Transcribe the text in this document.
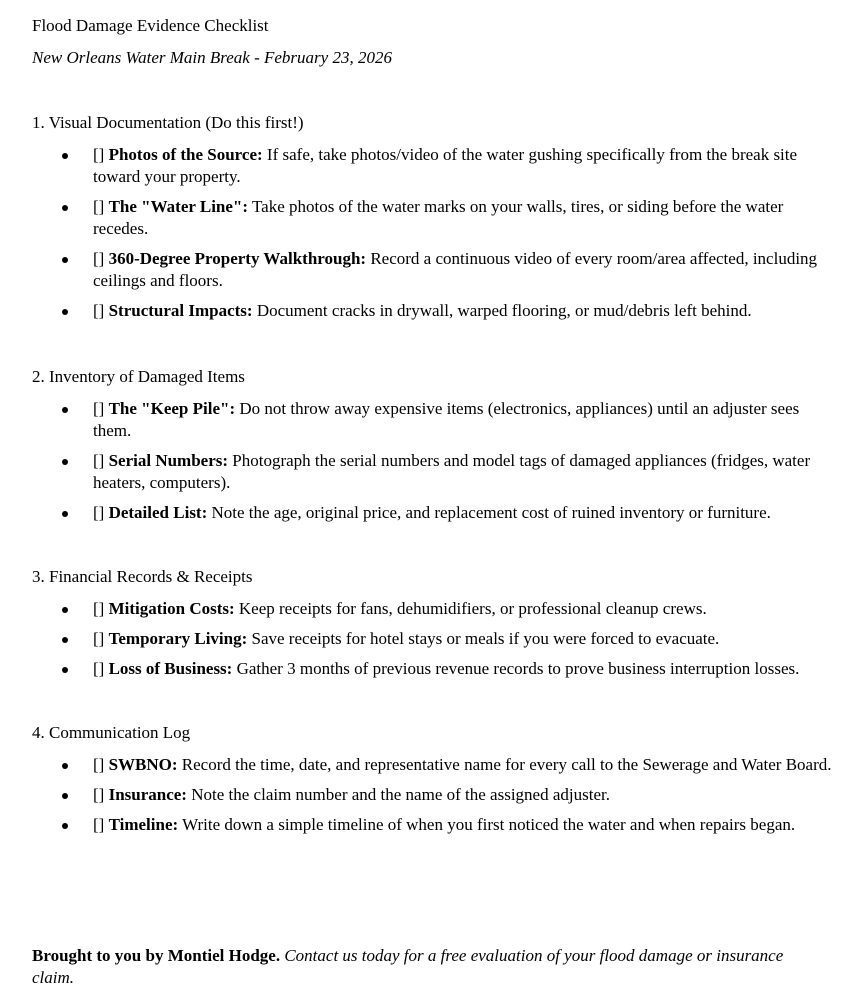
Flood Damage Evidence Checklist

New Orleans Water Main Break - February 23, 2026

1. Visual Documentation (Do this first!)

[] Photos of the Source: If safe, take photos/video of the water gushing specifically from the break site toward your property.
[] The "Water Line": Take photos of the water marks on your walls, tires, or siding before the water recedes.
[] 360-Degree Property Walkthrough: Record a continuous video of every room/area affected, including ceilings and floors.
[] Structural Impacts: Document cracks in drywall, warped flooring, or mud/debris left behind.

2. Inventory of Damaged Items

[] The "Keep Pile": Do not throw away expensive items (electronics, appliances) until an adjuster sees them.
[] Serial Numbers: Photograph the serial numbers and model tags of damaged appliances (fridges, water heaters, computers).
[] Detailed List: Note the age, original price, and replacement cost of ruined inventory or furniture.

3. Financial Records & Receipts

[] Mitigation Costs: Keep receipts for fans, dehumidifiers, or professional cleanup crews.
[] Temporary Living: Save receipts for hotel stays or meals if you were forced to evacuate.
[] Loss of Business: Gather 3 months of previous revenue records to prove business interruption losses.

4. Communication Log

[] SWBNO: Record the time, date, and representative name for every call to the Sewerage and Water Board.
[] Insurance: Note the claim number and the name of the assigned adjuster.
[] Timeline: Write down a simple timeline of when you first noticed the water and when repairs began.

Brought to you by Montiel Hodge. Contact us today for a free evaluation of your flood damage or insurance claim.
